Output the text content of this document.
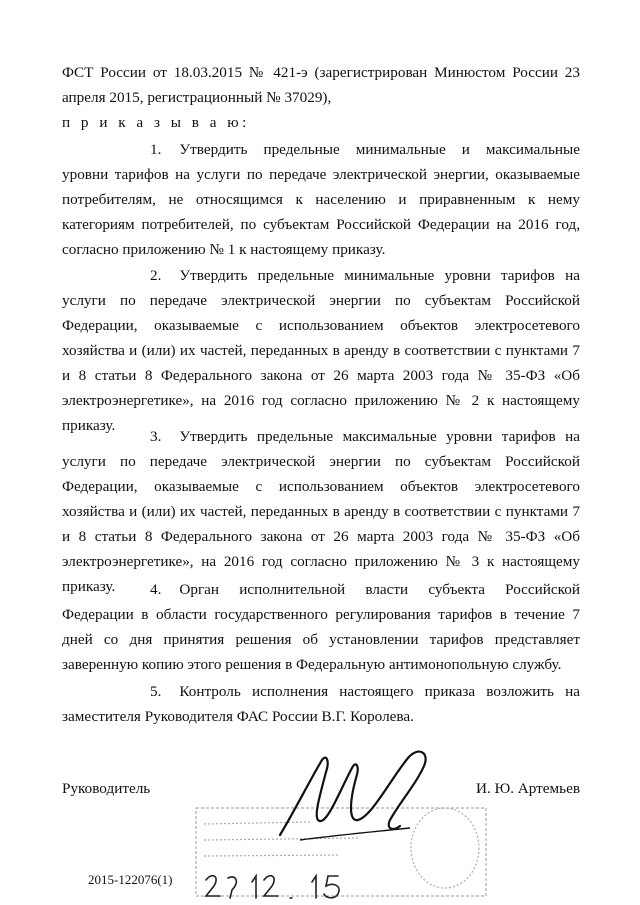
ФСТ России от 18.03.2015 № 421-э (зарегистрирован Минюстом России 23 апреля 2015, регистрационный № 37029),

п р и к а з ы в а ю:

1. Утвердить предельные минимальные и максимальные уровни тарифов на услуги по передаче электрической энергии, оказываемые потребителям, не относящимся к населению и приравненным к нему категориям потребителей, по субъектам Российской Федерации на 2016 год, согласно приложению № 1 к настоящему приказу.

2. Утвердить предельные минимальные уровни тарифов на услуги по передаче электрической энергии по субъектам Российской Федерации, оказываемые с использованием объектов электросетевого хозяйства и (или) их частей, переданных в аренду в соответствии с пунктами 7 и 8 статьи 8 Федерального закона от 26 марта 2003 года № 35-ФЗ «Об электроэнергетике», на 2016 год согласно приложению № 2 к настоящему приказу.

3. Утвердить предельные максимальные уровни тарифов на услуги по передаче электрической энергии по субъектам Российской Федерации, оказываемые с использованием объектов электросетевого хозяйства и (или) их частей, переданных в аренду в соответствии с пунктами 7 и 8 статьи 8 Федерального закона от 26 марта 2003 года № 35-ФЗ «Об электроэнергетике», на 2016 год согласно приложению № 3 к настоящему приказу.	4. Орган исполнительной власти субъекта Российской Федерации в области государственного регулирования тарифов в течение 7 дней со дня принятия решения об установлении тарифов представляет заверенную копию этого решения в Федеральную антимонопольную службу.

5. Контроль исполнения настоящего приказа возложить на заместителя Руководителя ФАС России В.Г. Королева.

Руководитель	И. Ю. Артемьев
2015-122076(1)
